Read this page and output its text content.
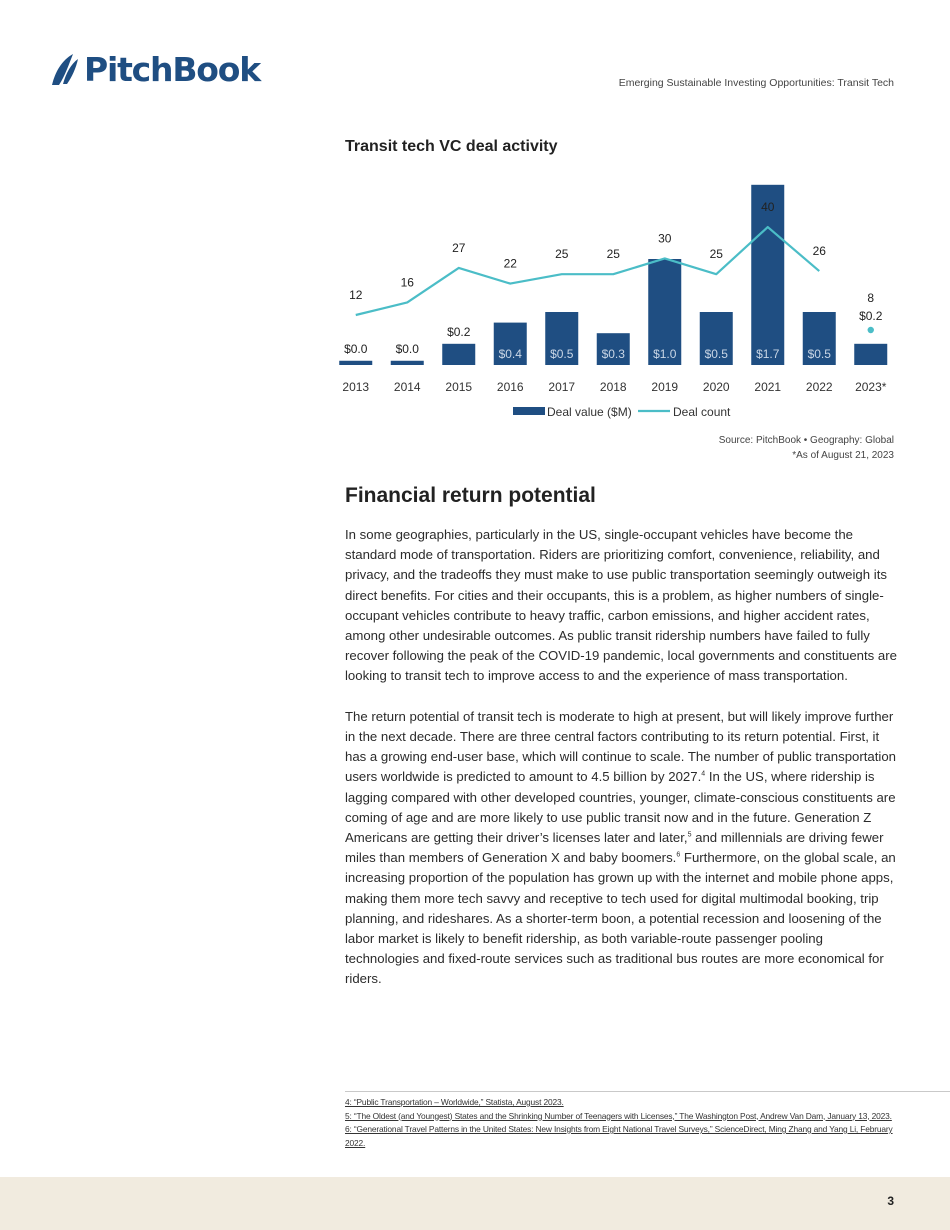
PitchBook	Emerging Sustainable Investing Opportunities: Transit Tech
Transit tech VC deal activity
$0.0 $0.0
$0.2
$0.4 $0.5 $0.3 $1.0 $0.5 $1.7 $0.5
$0.2
12
16
27
22
25	25
30
25
40
26
8
2013 2014 2015 2016 2017 2018 2019 2020 2021 2022 2023*
Deal value ($M)	Deal count
Source: PitchBook • Geography: Global
*As of August 21, 2023
Financial return potential

In some geographies, particularly in the US, single-occupant vehicles have become the standard mode of transportation. Riders are prioritizing comfort, convenience, reliability, and privacy, and the tradeoffs they must make to use public transportation seemingly outweigh its direct benefits. For cities and their occupants, this is a problem, as higher numbers of single-occupant vehicles contribute to heavy traffic, carbon emissions, and higher accident rates, among other undesirable outcomes. As public transit ridership numbers have failed to fully recover following the peak of the COVID-19 pandemic, local governments and constituents are looking to transit tech to improve access to and the experience of mass transportation.

The return potential of transit tech is moderate to high at present, but will likely improve further in the next decade. There are three central factors contributing to its return potential. First, it has a growing end-user base, which will continue to scale. The number of public transportation users worldwide is predicted to amount to 4.5 billion by 2027.$^4$ In the US, where ridership is lagging compared with other developed countries, younger, climate-conscious constituents are coming of age and are more likely to use public transit now and in the future. Generation Z Americans are getting their driver’s licenses later and later,$^5$ and millennials are driving fewer miles than members of Generation X and baby boomers.$^6$ Furthermore, on the global scale, an increasing proportion of the population has grown up with the internet and mobile phone apps, making them more tech savvy and receptive to tech used for digital multimodal booking, trip planning, and rideshares. As a shorter-term boon, a potential recession and loosening of the labor market is likely to benefit ridership, as both variable-route passenger pooling technologies and fixed-route services such as traditional bus routes are more economical for riders.

4: “Public Transportation – Worldwide,” Statista, August 2023.
5: “The Oldest (and Youngest) States and the Shrinking Number of Teenagers with Licenses,” The Washington Post, Andrew Van Dam, January 13, 2023.
6: “Generational Travel Patterns in the United States: New Insights from Eight National Travel Surveys,” ScienceDirect, Ming Zhang and Yang Li, February 2022.
3
